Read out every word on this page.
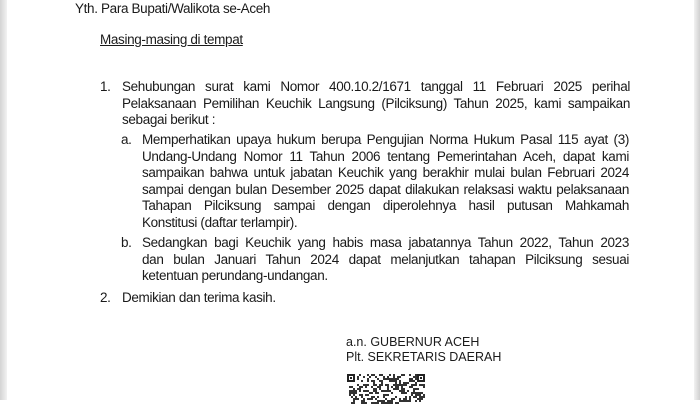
Yth. Para Bupati/Walikota se-Aceh
Masing-masing di tempat
1. Sehubungan surat kami Nomor 400.10.2/1671 tanggal 11 Februari 2025 perihal
Pelaksanaan Pemilihan Keuchik Langsung (Pilciksung) Tahun 2025, kami sampaikan
sebagai berikut :
a. Memperhatikan upaya hukum berupa Pengujian Norma Hukum Pasal 115 ayat (3)
Undang-Undang Nomor 11 Tahun 2006 tentang Pemerintahan Aceh, dapat kami
sampaikan bahwa untuk jabatan Keuchik yang berakhir mulai bulan Februari 2024
sampai dengan bulan Desember 2025 dapat dilakukan relaksasi waktu pelaksanaan
Tahapan Pilciksung sampai dengan diperolehnya hasil putusan Mahkamah
Konstitusi (daftar terlampir).
b. Sedangkan bagi Keuchik yang habis masa jabatannya Tahun 2022, Tahun 2023
dan bulan Januari Tahun 2024 dapat melanjutkan tahapan Pilciksung sesuai
ketentuan perundang-undangan.
2. Demikian dan terima kasih.
a.n. GUBERNUR ACEH
Plt. SEKRETARIS DAERAH
